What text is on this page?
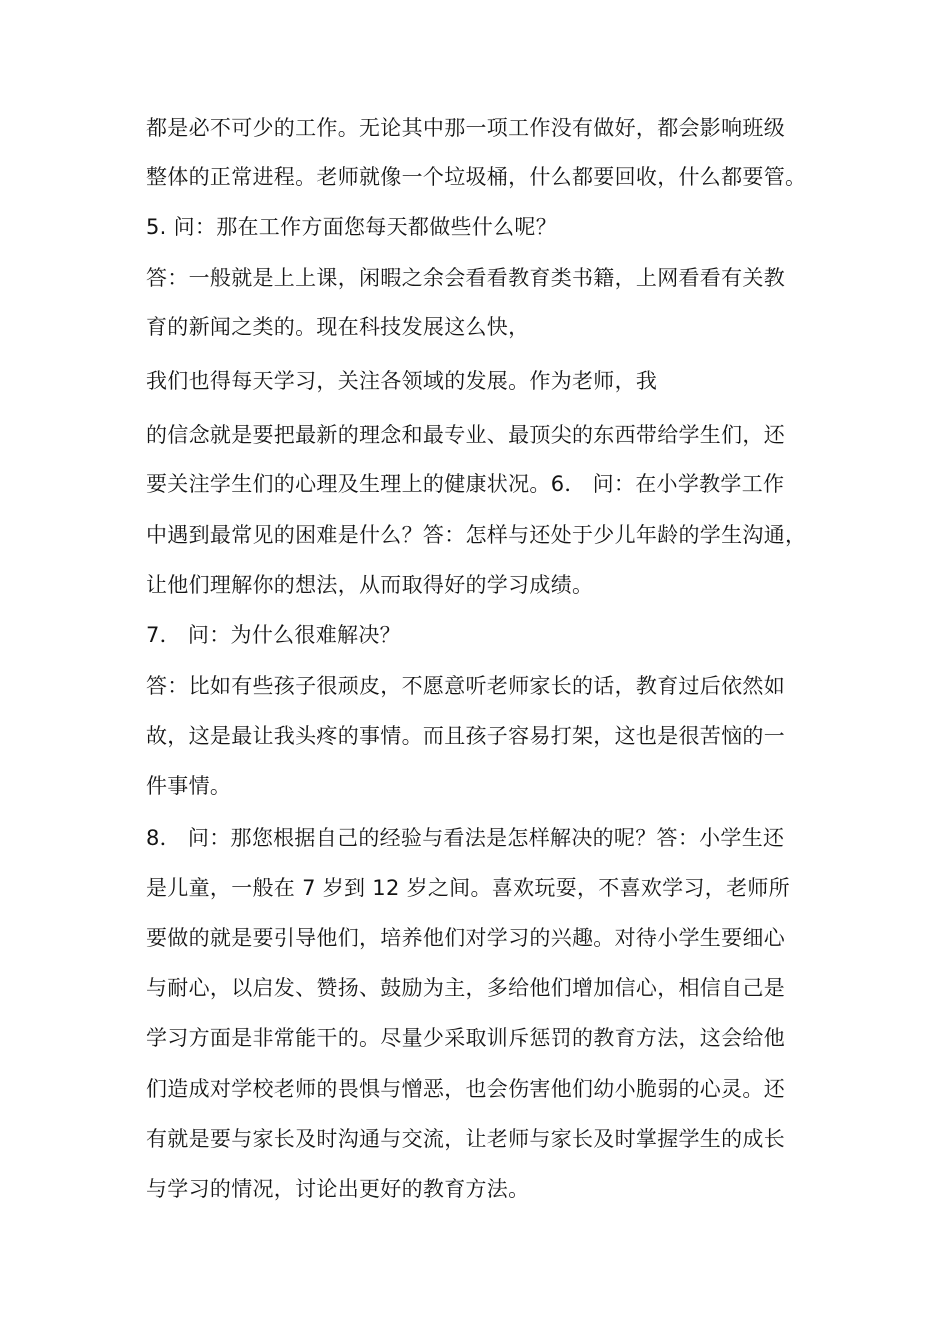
都是必不可少的工作。无论其中那一项工作没有做好，都会影响班级
整体的正常进程。老师就像一个垃圾桶，什么都要回收，什么都要管。
5. 问：那在工作方面您每天都做些什么呢？
答：一般就是上上课，闲暇之余会看看教育类书籍，上网看看有关教
育的新闻之类的。现在科技发展这么快，
我们也得每天学习，关注各领域的发展。作为老师，我
的信念就是要把最新的理念和最专业、最顶尖的东西带给学生们，还
要关注学生们的心理及生理上的健康状况。6． 问：在小学教学工作
中遇到最常见的困难是什么？答：怎样与还处于少儿年龄的学生沟通，
让他们理解你的想法，从而取得好的学习成绩。
7． 问：为什么很难解决？
答：比如有些孩子很顽皮，不愿意听老师家长的话，教育过后依然如
故，这是最让我头疼的事情。而且孩子容易打架，这也是很苦恼的一
件事情。
8． 问：那您根据自己的经验与看法是怎样解决的呢？答：小学生还
是儿童，一般在 7 岁到 12 岁之间。喜欢玩耍，不喜欢学习，老师所
要做的就是要引导他们，培养他们对学习的兴趣。对待小学生要细心
与耐心，以启发、赞扬、鼓励为主，多给他们增加信心，相信自己是
学习方面是非常能干的。尽量少采取训斥惩罚的教育方法，这会给他
们造成对学校老师的畏惧与憎恶，也会伤害他们幼小脆弱的心灵。还
有就是要与家长及时沟通与交流，让老师与家长及时掌握学生的成长
与学习的情况，讨论出更好的教育方法。
